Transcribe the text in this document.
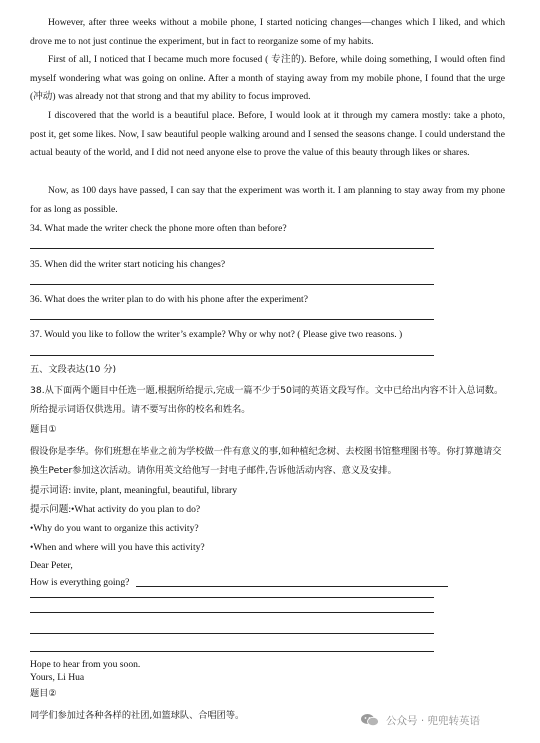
However, after three weeks without a mobile phone, I started noticing changes—changes which I liked, and which drove me to not just continue the experiment, but in fact to reorganize some of my habits.

First of all, I noticed that I became much more focused ( 专注的). Before, while doing something, I would often find myself wondering what was going on online. After a month of staying away from my mobile phone, I found that the urge (冲动) was already not that strong and that my ability to focus improved.

I discovered that the world is a beautiful place. Before, I would look at it through my camera mostly: take a photo, post it, get some likes. Now, I saw beautiful people walking around and I sensed the seasons change. I could understand the actual beauty of the world, and I did not need anyone else to prove the value of this beauty through likes or shares.

Now, as 100 days have passed, I can say that the experiment was worth it. I am planning to stay away from my phone for as long as possible.

34. What made the writer check the phone more often than before?
35. When did the writer start noticing his changes?
36. What does the writer plan to do with his phone after the experiment?
37. Would you like to follow the writer’s example? Why or why not? ( Please give two reasons. )
五、文段表达(10 分)

38.从下面两个题目中任选一题,根据所给提示,完成一篇不少于50词的英语文段写作。文中已给出内容不计入总词数。所给提示词语仅供选用。请不要写出你的校名和姓名。

题目①

假设你是李华。你们班想在毕业之前为学校做一件有意义的事,如种植纪念树、去校图书馆整理图书等。你打算邀请交换生Peter参加这次活动。请你用英文给他写一封电子邮件,告诉他活动内容、意义及安排。

提示词语: invite, plant, meaningful, beautiful, library
提示问题:•What activity do you plan to do?
•Why do you want to organize this activity?
•When and where will you have this activity?
Dear Peter,
How is everything going?
Hope to hear from you soon.
Yours, Li Hua
题目②
同学们参加过各种各样的社团,如篮球队、合唱团等。	公众号 · 兜兜转英语
